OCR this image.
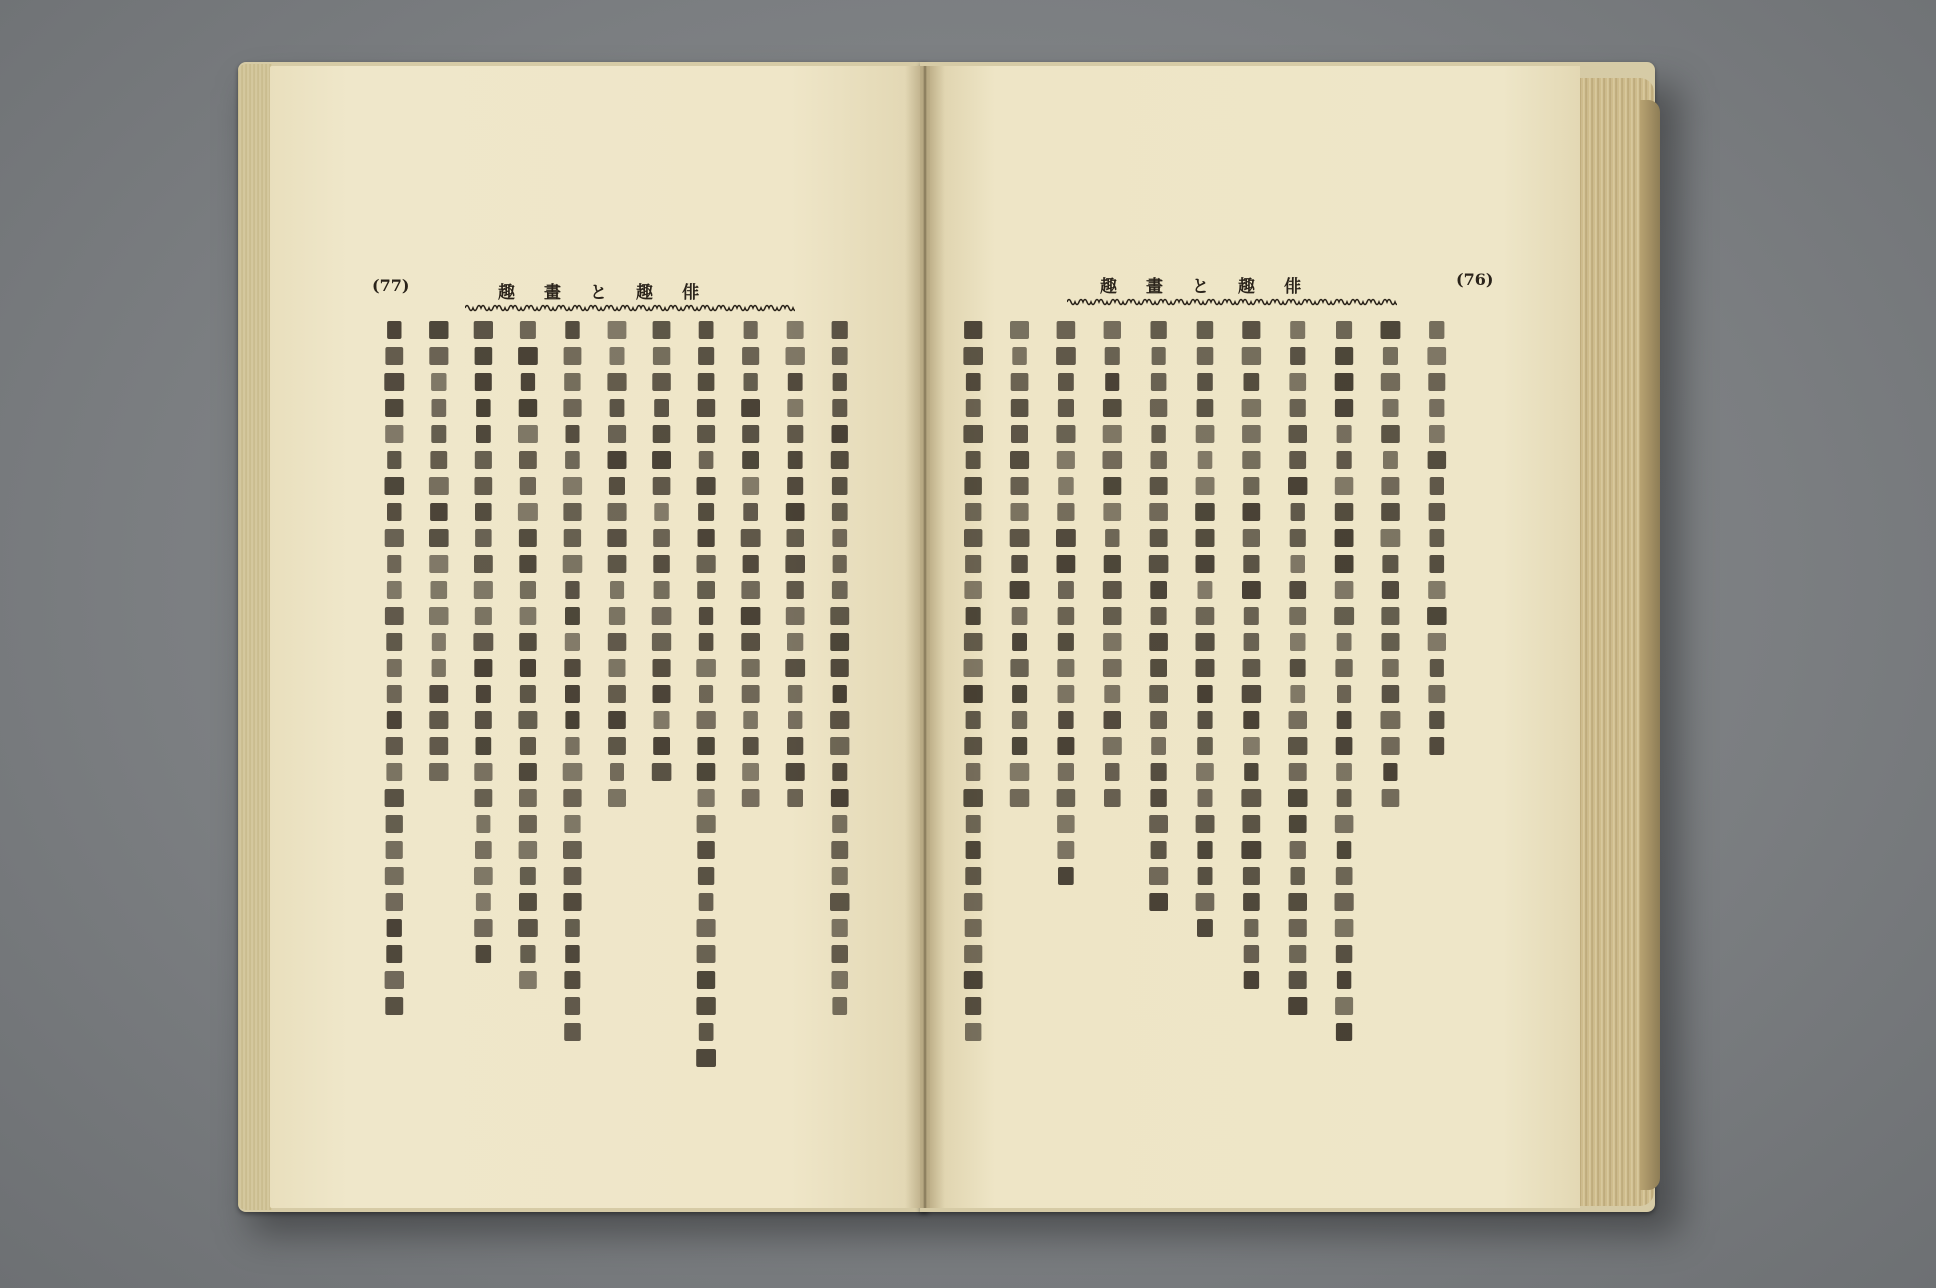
(77)	趣　畫　と　趣　俳	趣　畫　と　趣　俳	(76)
